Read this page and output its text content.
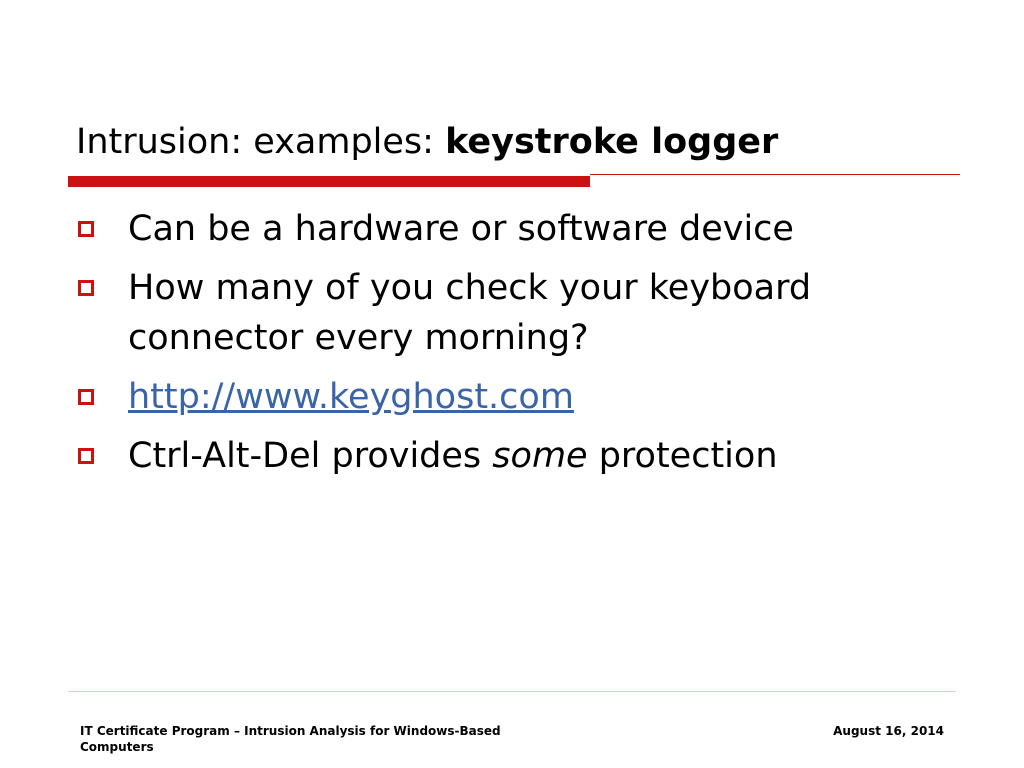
Intrusion: examples: keystroke logger
Can be a hardware or software device
How many of you check your keyboard connector every morning?
http://www.keyghost.com
Ctrl-Alt-Del provides some protection
IT Certificate Program – Intrusion Analysis for Windows-Based Computers
August 16, 2014
